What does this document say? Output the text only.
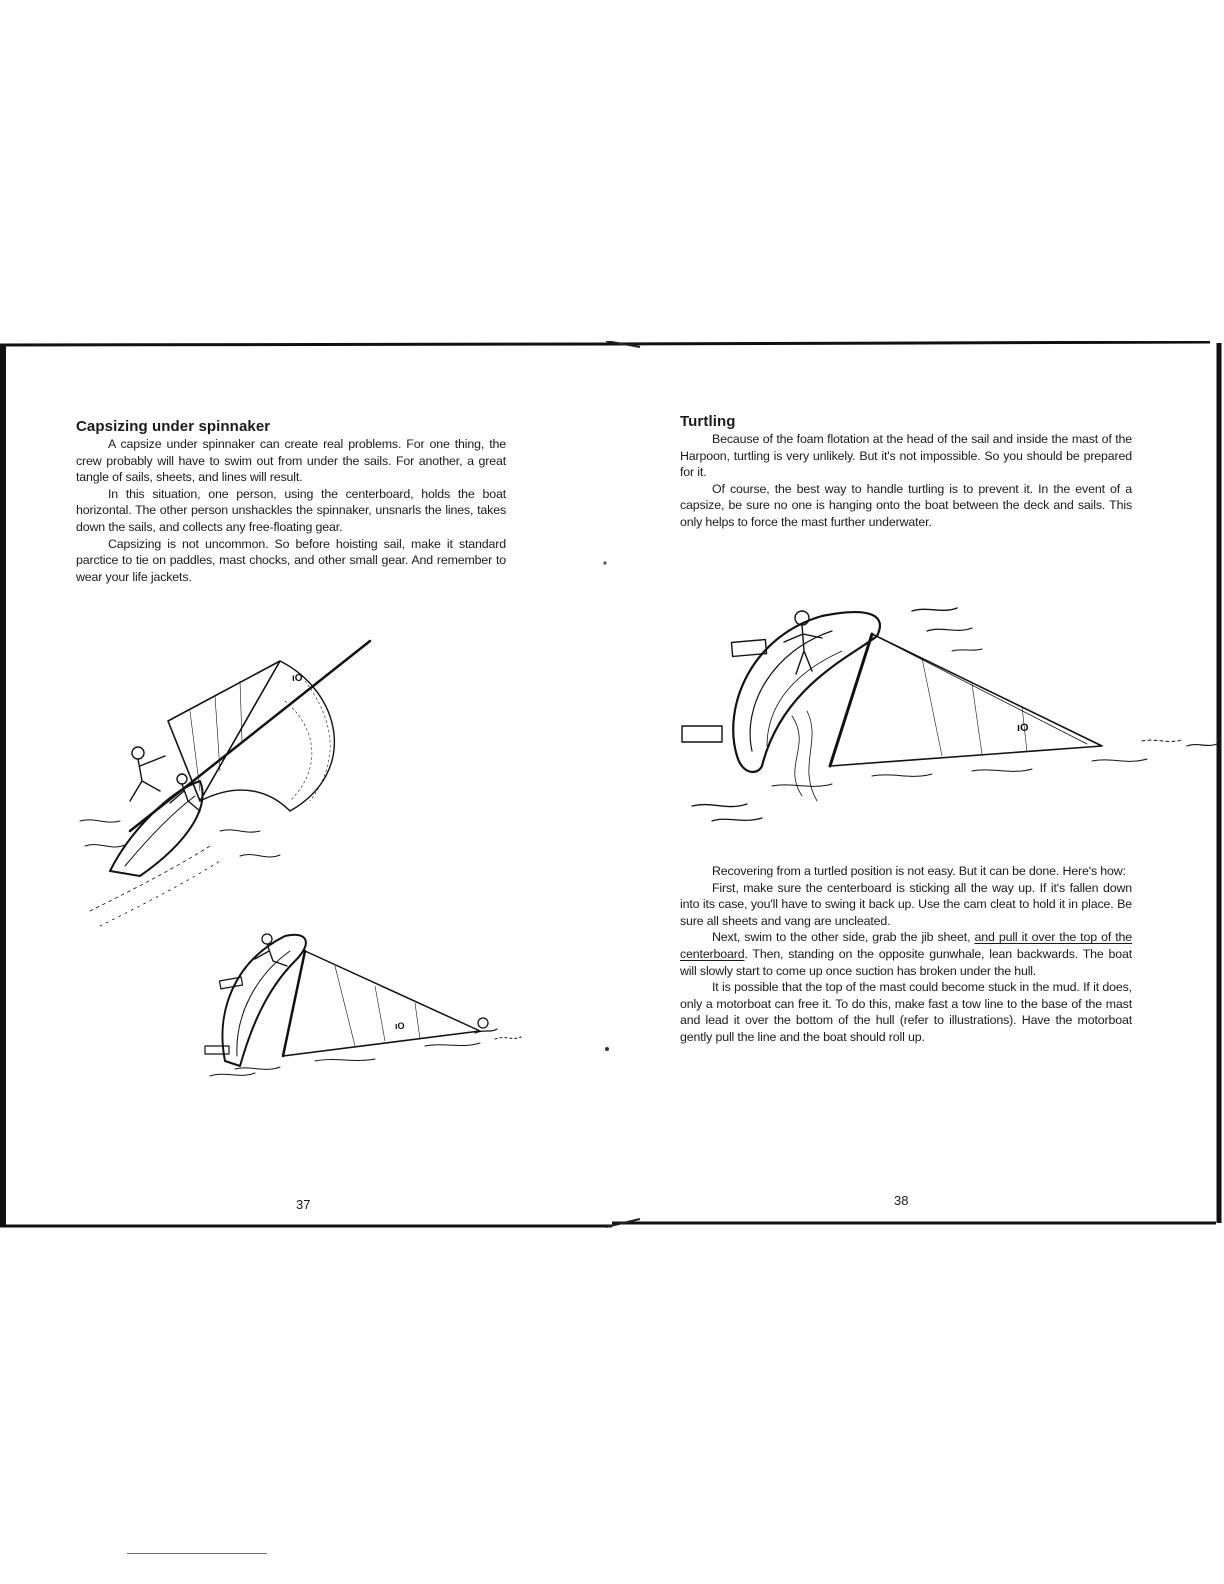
Capsizing under spinnaker

A capsize under spinnaker can create real problems. For one thing, the crew probably will have to swim out from under the sails. For another, a great tangle of sails, sheets, and lines will result.

In this situation, one person, using the centerboard, holds the boat horizontal. The other person unshackles the spinnaker, unsnarls the lines, takes down the sails, and collects any free-floating gear.

Capsizing is not uncommon. So before hoisting sail, make it standard parctice to tie on paddles, mast chocks, and other small gear. And remember to wear your life jackets.

ιO
ιO
37
Turtling

Because of the foam flotation at the head of the sail and inside the mast of the Harpoon, turtling is very unlikely. But it's not impossible. So you should be prepared for it.

Of course, the best way to handle turtling is to prevent it. In the event of a capsize, be sure no one is hanging onto the boat between the deck and sails. This only helps to force the mast further underwater.

ιO

Recovering from a turtled position is not easy. But it can be done. Here's how:

First, make sure the centerboard is sticking all the way up. If it's fallen down into its case, you'll have to swing it back up. Use the cam cleat to hold it in place. Be sure all sheets and vang are uncleated.

Next, swim to the other side, grab the jib sheet, and pull it over the top of the centerboard. Then, standing on the opposite gunwhale, lean backwards. The boat will slowly start to come up once suction has broken under the hull.

It is possible that the top of the mast could become stuck in the mud. If it does, only a motorboat can free it. To do this, make fast a tow line to the base of the mast and lead it over the bottom of the hull (refer to illustrations). Have the motorboat gently pull the line and the boat should roll up.

38
